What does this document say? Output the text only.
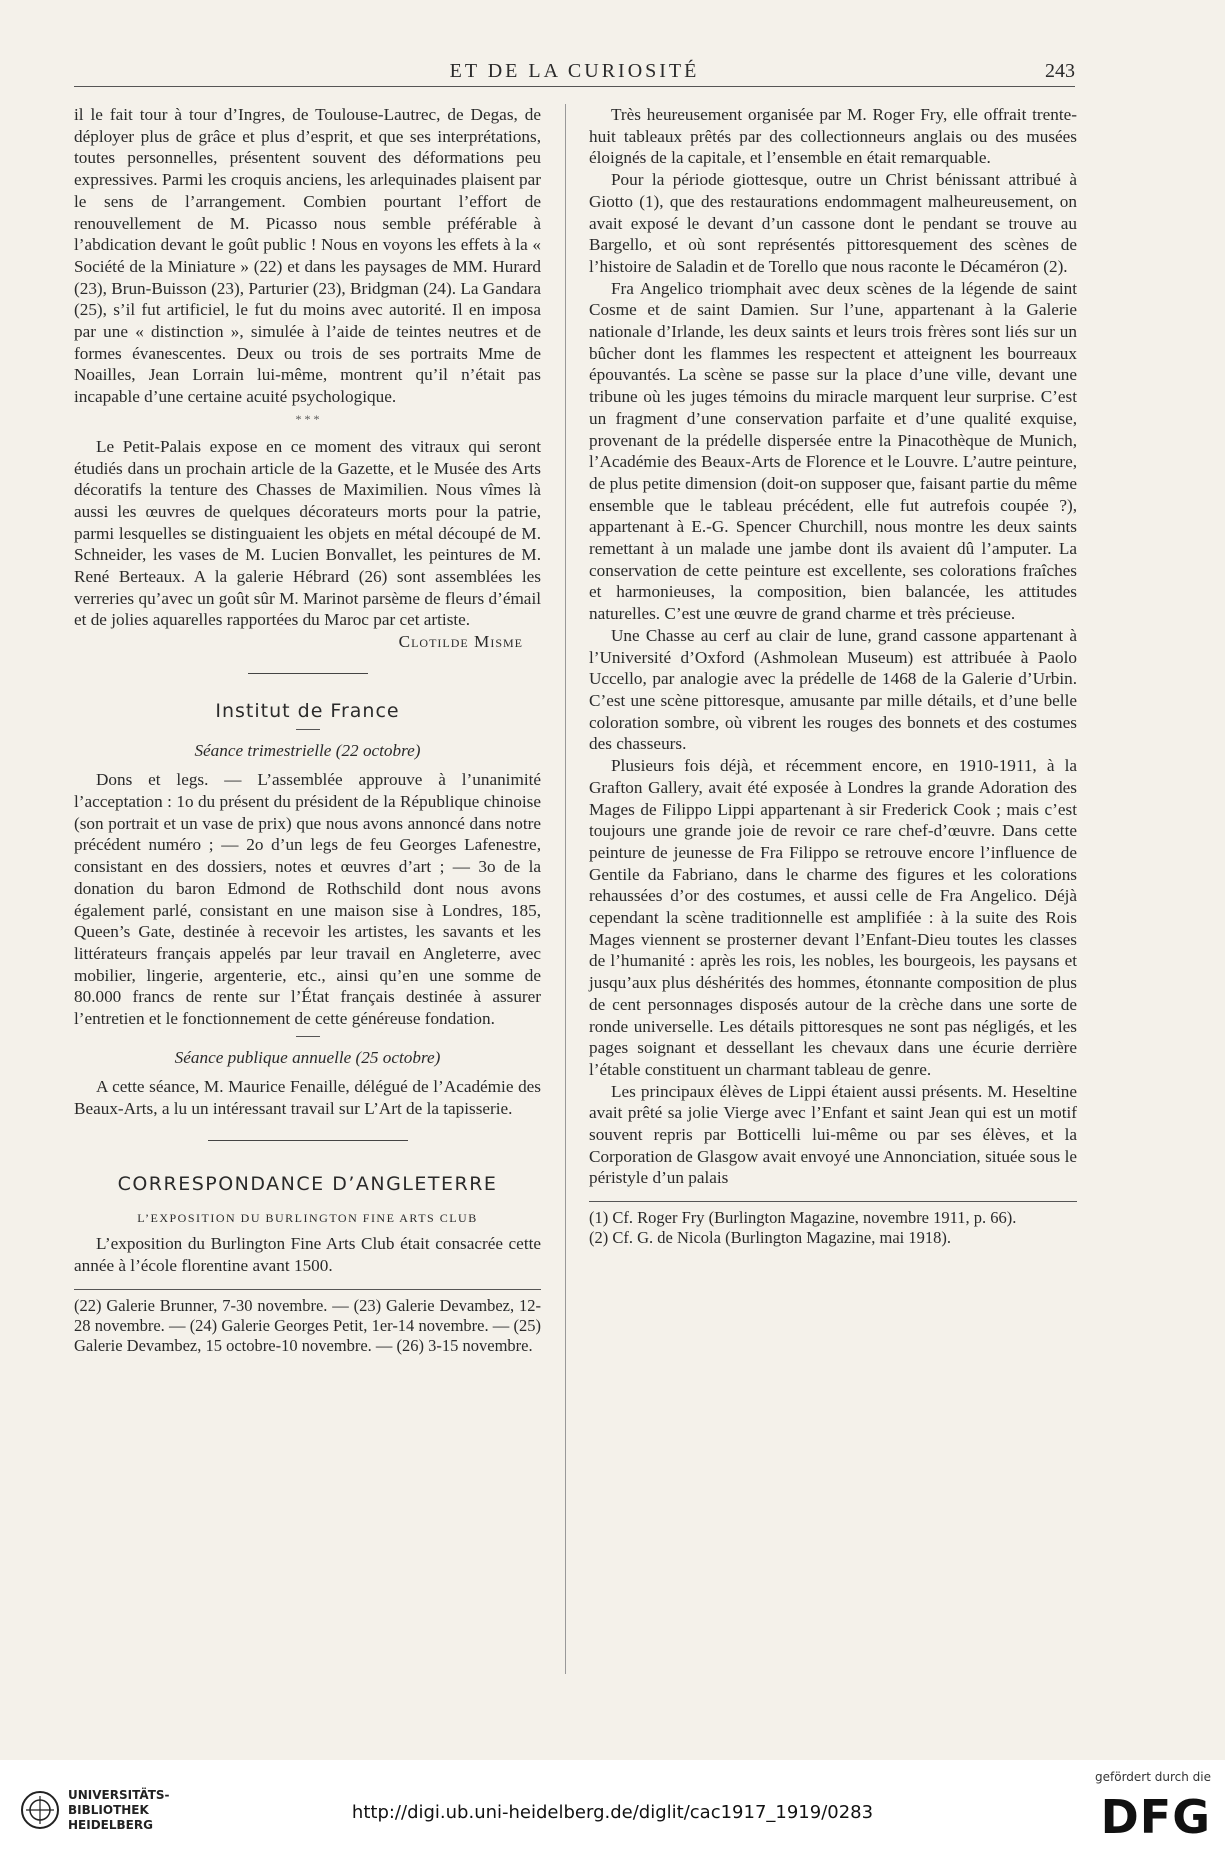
ET DE LA CURIOSITÉ	243

il le fait tour à tour d’Ingres, de Toulouse-Lautrec, de Degas, de déployer plus de grâce et plus d’esprit, et que ses interprétations, toutes personnelles, présentent souvent des déformations peu expressives. Parmi les croquis anciens, les arlequinades plaisent par le sens de l’arrangement. Combien pourtant l’effort de renouvellement de M. Picasso nous semble préférable à l’abdication devant le goût public ! Nous en voyons les effets à la « Société de la Miniature » (22) et dans les paysages de MM. Hurard (23), Brun-Buisson (23), Parturier (23), Bridgman (24). La Gandara (25), s’il fut artificiel, le fut du moins avec autorité. Il en imposa par une « distinction », simulée à l’aide de teintes neutres et de formes évanescentes. Deux ou trois de ses portraits Mme de Noailles, Jean Lorrain lui-même, montrent qu’il n’était pas incapable d’une certaine acuité psychologique.

* * *

Le Petit-Palais expose en ce moment des vitraux qui seront étudiés dans un prochain article de la Gazette, et le Musée des Arts décoratifs la tenture des Chasses de Maximilien. Nous vîmes là aussi les œuvres de quelques décorateurs morts pour la patrie, parmi lesquelles se distinguaient les objets en métal découpé de M. Schneider, les vases de M. Lucien Bonvallet, les peintures de M. René Berteaux. A la galerie Hébrard (26) sont assemblées les verreries qu’avec un goût sûr M. Marinot parsème de fleurs d’émail et de jolies aquarelles rapportées du Maroc par cet artiste.

Clotilde Misme
Institut de France
Séance trimestrielle (22 octobre)

Dons et legs. — L’assemblée approuve à l’unanimité l’acceptation : 1o du présent du président de la République chinoise (son portrait et un vase de prix) que nous avons annoncé dans notre précédent numéro ; — 2o d’un legs de feu Georges Lafenestre, consistant en des dossiers, notes et œuvres d’art ; — 3o de la donation du baron Edmond de Rothschild dont nous avons également parlé, consistant en une maison sise à Londres, 185, Queen’s Gate, destinée à recevoir les artistes, les savants et les littérateurs français appelés par leur travail en Angleterre, avec mobilier, lingerie, argenterie, etc., ainsi qu’en une somme de 80.000 francs de rente sur l’État français destinée à assurer l’entretien et le fonctionnement de cette généreuse fondation.

Séance publique annuelle (25 octobre)

A cette séance, M. Maurice Fenaille, délégué de l’Académie des Beaux-Arts, a lu un intéressant travail sur L’Art de la tapisserie.

CORRESPONDANCE D’ANGLETERRE
L’EXPOSITION DU BURLINGTON FINE ARTS CLUB

L’exposition du Burlington Fine Arts Club était consacrée cette année à l’école florentine avant 1500.

(22) Galerie Brunner, 7-30 novembre. — (23) Galerie Devambez, 12-28 novembre. — (24) Galerie Georges Petit, 1er-14 novembre. — (25) Galerie Devambez, 15 octobre-10 novembre. — (26) 3-15 novembre.

Très heureusement organisée par M. Roger Fry, elle offrait trente-huit tableaux prêtés par des collectionneurs anglais ou des musées éloignés de la capitale, et l’ensemble en était remarquable.

Pour la période giottesque, outre un Christ bénissant attribué à Giotto (1), que des restaurations endommagent malheureusement, on avait exposé le devant d’un cassone dont le pendant se trouve au Bargello, et où sont représentés pittoresquement des scènes de l’histoire de Saladin et de Torello que nous raconte le Décaméron (2).

Fra Angelico triomphait avec deux scènes de la légende de saint Cosme et de saint Damien. Sur l’une, appartenant à la Galerie nationale d’Irlande, les deux saints et leurs trois frères sont liés sur un bûcher dont les flammes les respectent et atteignent les bourreaux épouvantés. La scène se passe sur la place d’une ville, devant une tribune où les juges témoins du miracle marquent leur surprise. C’est un fragment d’une conservation parfaite et d’une qualité exquise, provenant de la prédelle dispersée entre la Pinacothèque de Munich, l’Académie des Beaux-Arts de Florence et le Louvre. L’autre peinture, de plus petite dimension (doit-on supposer que, faisant partie du même ensemble que le tableau précédent, elle fut autrefois coupée ?), appartenant à E.-G. Spencer Churchill, nous montre les deux saints remettant à un malade une jambe dont ils avaient dû l’amputer. La conservation de cette peinture est excellente, ses colorations fraîches et harmonieuses, la composition, bien balancée, les attitudes naturelles. C’est une œuvre de grand charme et très précieuse.

Une Chasse au cerf au clair de lune, grand cassone appartenant à l’Université d’Oxford (Ashmolean Museum) est attribuée à Paolo Uccello, par analogie avec la prédelle de 1468 de la Galerie d’Urbin. C’est une scène pittoresque, amusante par mille détails, et d’une belle coloration sombre, où vibrent les rouges des bonnets et des costumes des chasseurs.

Plusieurs fois déjà, et récemment encore, en 1910-1911, à la Grafton Gallery, avait été exposée à Londres la grande Adoration des Mages de Filippo Lippi appartenant à sir Frederick Cook ; mais c’est toujours une grande joie de revoir ce rare chef-d’œuvre. Dans cette peinture de jeunesse de Fra Filippo se retrouve encore l’influence de Gentile da Fabriano, dans le charme des figures et les colorations rehaussées d’or des costumes, et aussi celle de Fra Angelico. Déjà cependant la scène traditionnelle est amplifiée : à la suite des Rois Mages viennent se prosterner devant l’Enfant-Dieu toutes les classes de l’humanité : après les rois, les nobles, les bourgeois, les paysans et jusqu’aux plus déshérités des hommes, étonnante composition de plus de cent personnages disposés autour de la crèche dans une sorte de ronde universelle. Les détails pittoresques ne sont pas négligés, et les pages soignant et dessellant les chevaux dans une écurie derrière l’étable constituent un charmant tableau de genre.

Les principaux élèves de Lippi étaient aussi présents. M. Heseltine avait prêté sa jolie Vierge avec l’Enfant et saint Jean qui est un motif souvent repris par Botticelli lui-même ou par ses élèves, et la Corporation de Glasgow avait envoyé une Annonciation, située sous le péristyle d’un palais

(1) Cf. Roger Fry (Burlington Magazine, novembre 1911, p. 66).

(2) Cf. G. de Nicola (Burlington Magazine, mai 1918).

UNIVERSITÄTS-
BIBLIOTHEK
HEIDELBERG
http://digi.ub.uni-heidelberg.de/diglit/cac1917_1919/0283
gefördert durch die
DFG
